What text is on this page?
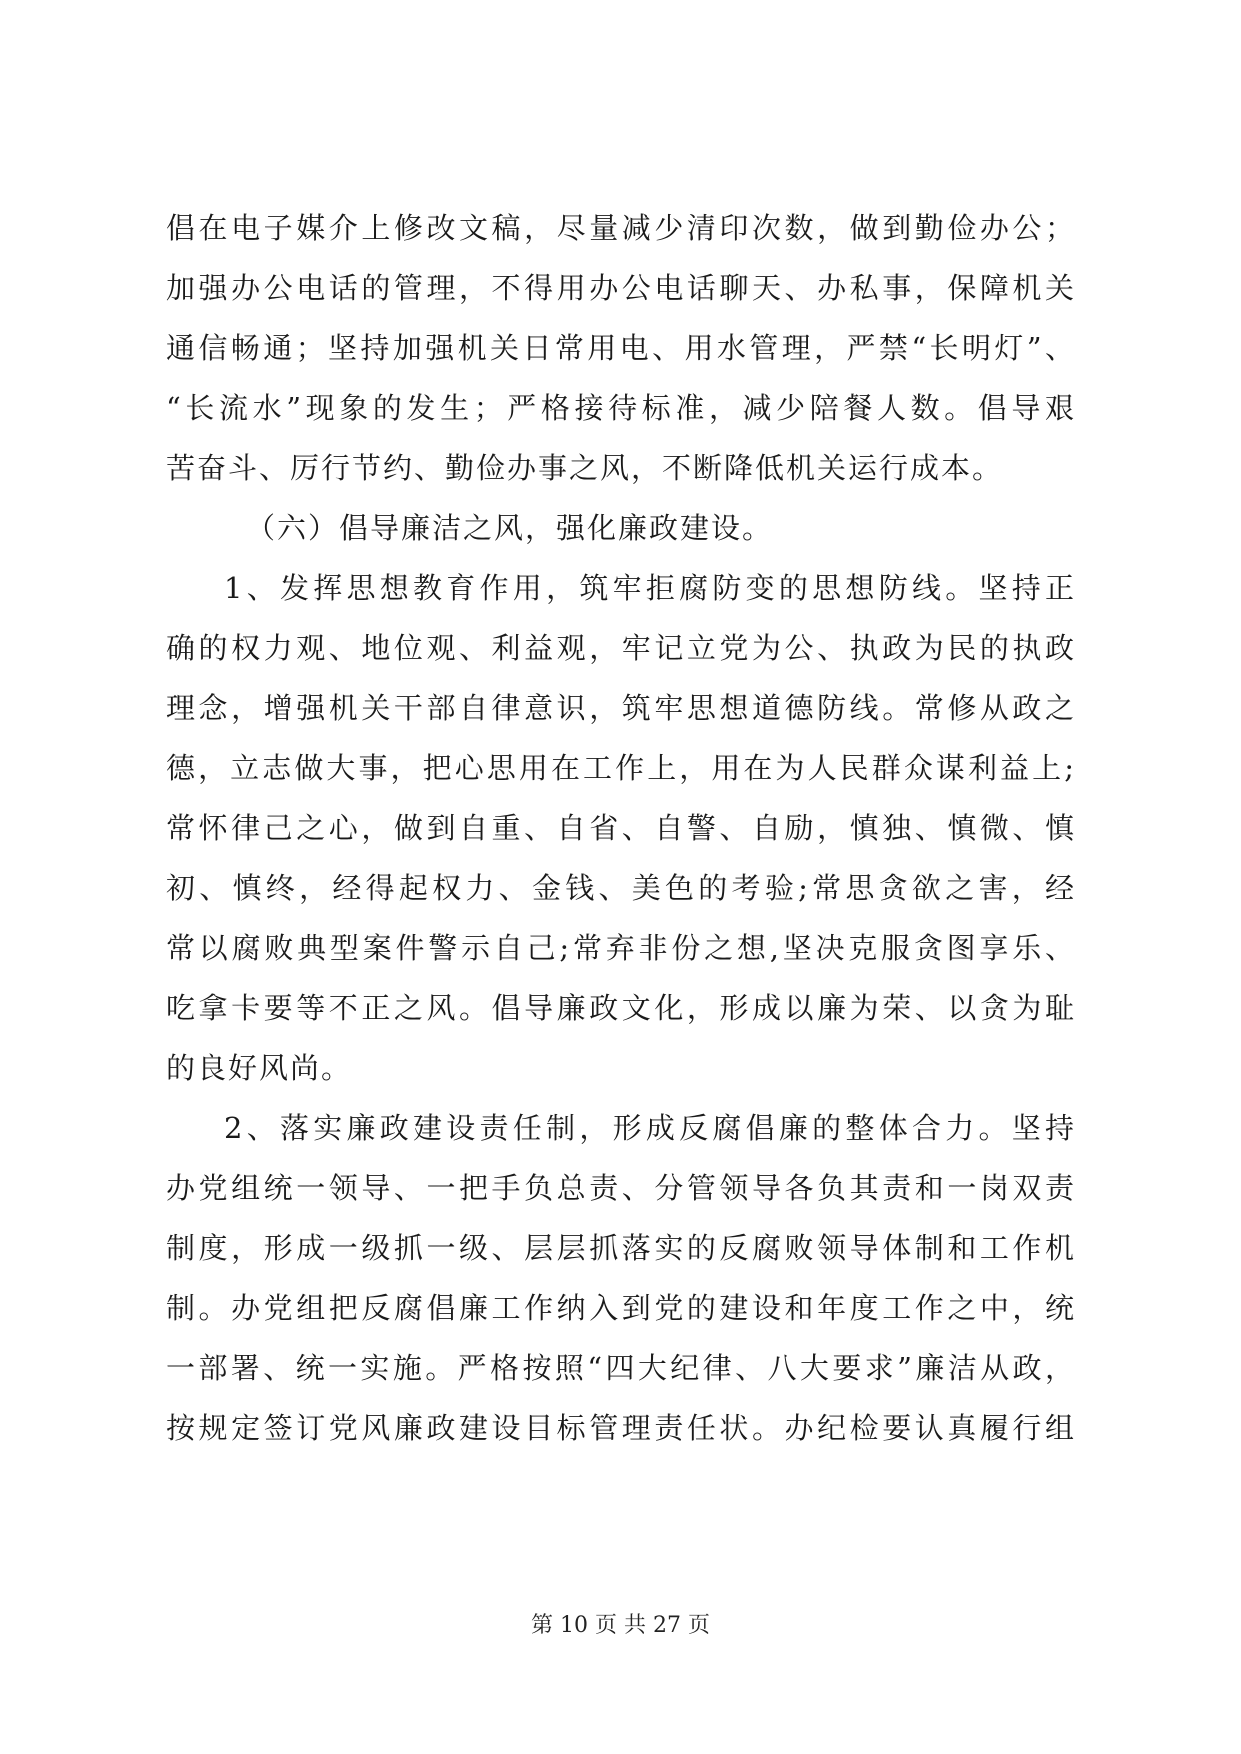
倡在电子媒介上修改文稿，尽量减少清印次数，做到勤俭办公；
加强办公电话的管理，不得用办公电话聊天、办私事，保障机关
通信畅通；坚持加强机关日常用电、用水管理，严禁“长明灯”、
“长流水”现象的发生；严格接待标准，减少陪餐人数。倡导艰
苦奋斗、厉行节约、勤俭办事之风，不断降低机关运行成本。
（六）倡导廉洁之风，强化廉政建设。
1、发挥思想教育作用，筑牢拒腐防变的思想防线。坚持正
确的权力观、地位观、利益观，牢记立党为公、执政为民的执政
理念，增强机关干部自律意识，筑牢思想道德防线。常修从政之
德，立志做大事，把心思用在工作上，用在为人民群众谋利益上;
常怀律己之心，做到自重、自省、自警、自励，慎独、慎微、慎
初、慎终，经得起权力、金钱、美色的考验;常思贪欲之害，经
常以腐败典型案件警示自己;常弃非份之想,坚决克服贪图享乐、
吃拿卡要等不正之风。倡导廉政文化，形成以廉为荣、以贪为耻
的良好风尚。
2、落实廉政建设责任制，形成反腐倡廉的整体合力。坚持
办党组统一领导、一把手负总责、分管领导各负其责和一岗双责
制度，形成一级抓一级、层层抓落实的反腐败领导体制和工作机
制。办党组把反腐倡廉工作纳入到党的建设和年度工作之中，统
一部署、统一实施。严格按照“四大纪律、八大要求”廉洁从政，
按规定签订党风廉政建设目标管理责任状。办纪检要认真履行组
第 10 页 共 27 页
